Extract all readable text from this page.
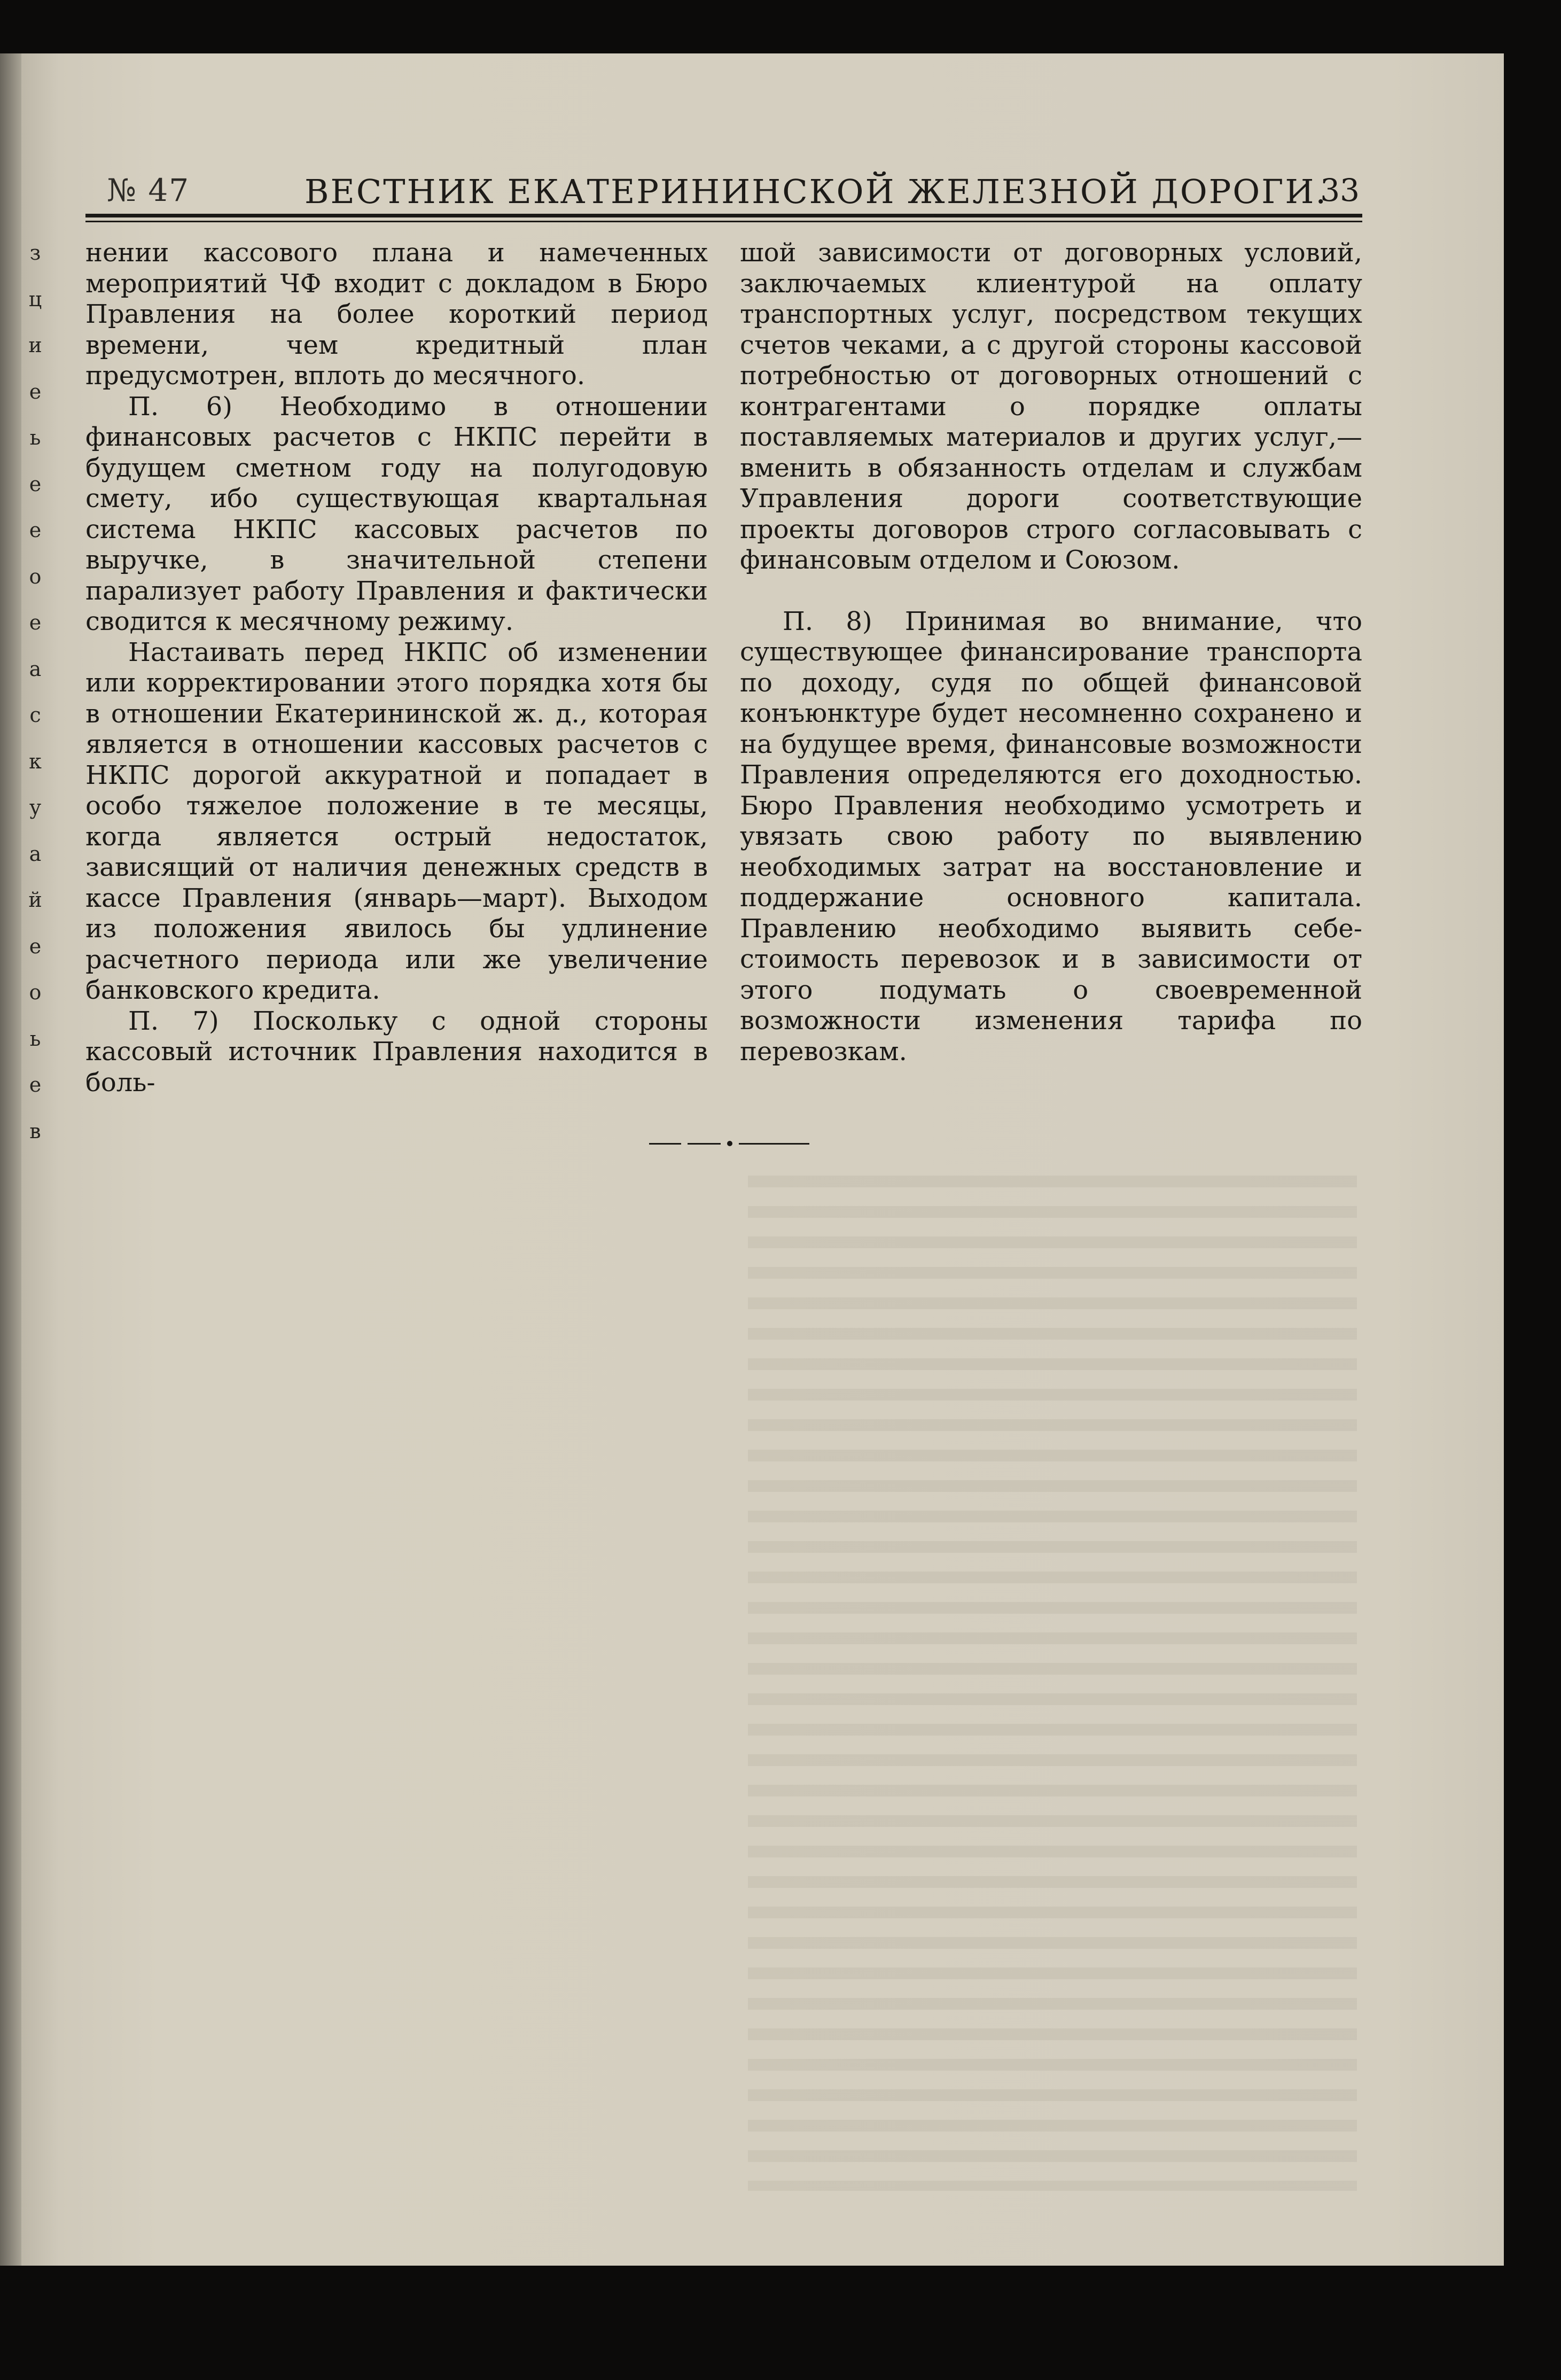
з
ц
и
е
ь
е
е
о
е
а
с
к
у
а
й
е
о
ь
е
в
№ 47	ВЕСТНИК ЕКАТЕРИНИНСКОЙ ЖЕЛЕЗНОЙ ДОРОГИ.
33

нении кассового плана и намеченных мероприятий ЧФ входит с докладом в Бюро Правления на более короткий период времени, чем кредитный план предусмотрен, вплоть до месячного.

П. 6) Необходимо в отношении финансовых расчетов с НКПС перейти в будущем сметном году на полугодовую смету, ибо существующая квартальная система НКПС кассовых расчетов по выручке, в значительной степени парализует работу Правления и фактически сводится к месячному режиму.

Настаивать перед НКПС об изменении или корректировании этого порядка хотя бы в отношении Екатерининской ж. д., которая является в отношении кассовых расчетов с НКПС дорогой аккуратной и попадает в особо тяжелое положение в те месяцы, когда является острый недостаток, зависящий от наличия денежных средств в кассе Правления (январь—март). Выходом из положения явилось бы удлинение расчетного периода или же увеличение банковского кредита.

П. 7) Поскольку с одной стороны кассовый источник Правления находится в боль-

шой зависимости от договорных условий, заключаемых клиентурой на оплату транспортных услуг, посредством текущих счетов чеками, а с другой стороны кассовой потребностью от договорных отношений с контрагентами о порядке оплаты поставляемых материалов и других услуг,—вменить в обязанность отделам и службам Управления дороги соответствующие проекты договоров строго согласовывать с финансовым отделом и Союзом.

П. 8) Принимая во внимание, что существующее финансирование транспорта по доходу, судя по общей финансовой конъюнктуре будет несомненно сохранено и на будущее время, финансовые возможности Правления определяются его доходностью. Бюро Правления необходимо усмотреть и увязать свою работу по выявлению необходимых затрат на восстановление и поддержание основного капитала. Правлению необходимо выявить себе-стоимость перевозок и в зависимости от этого подумать о своевременной возможности изменения тарифа по перевозкам.
